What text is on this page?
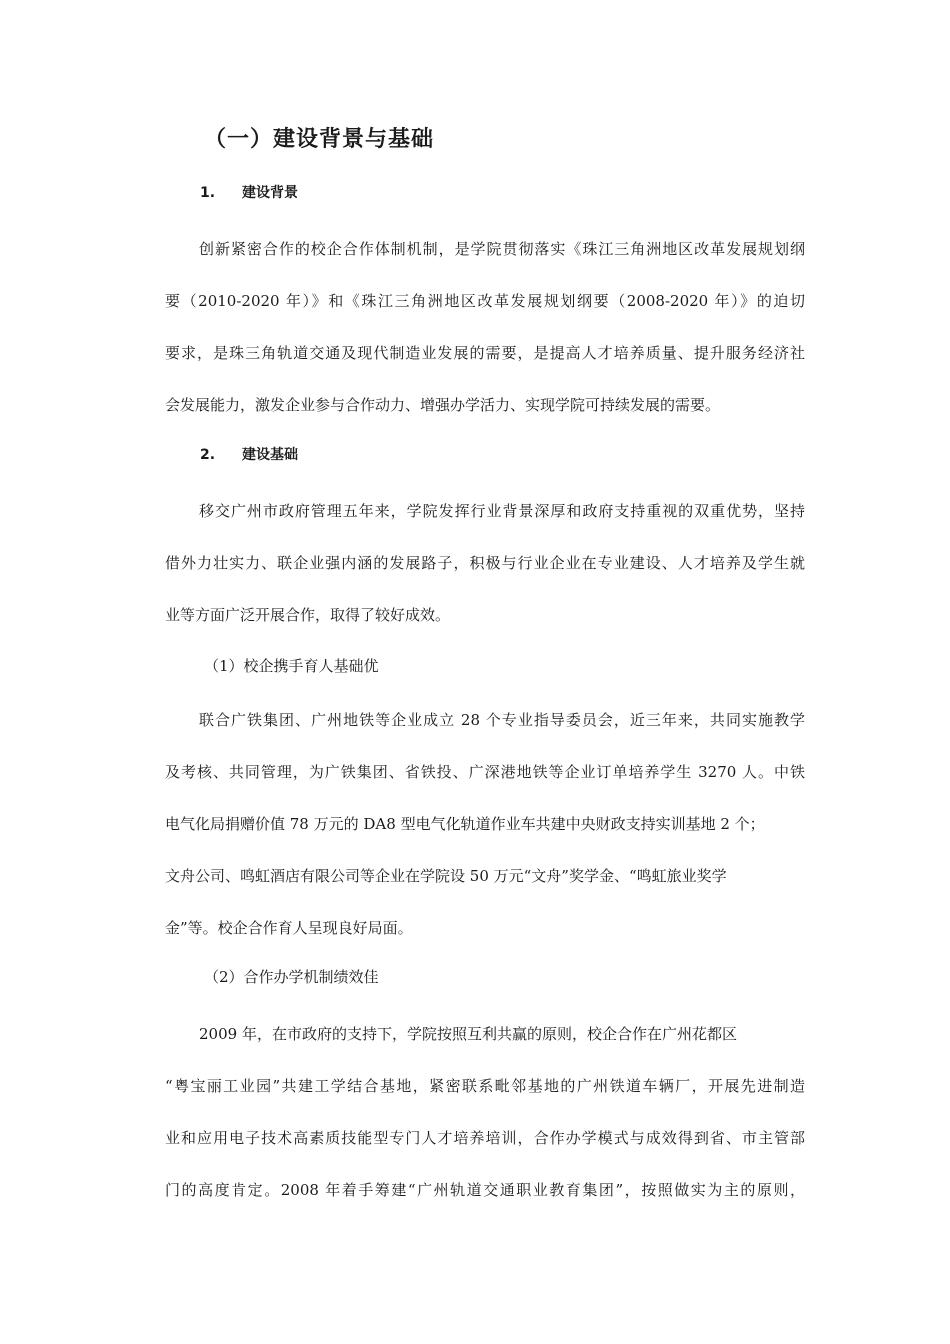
（一）建设背景与基础
1. 建设背景
创新紧密合作的校企合作体制机制，是学院贯彻落实《珠江三角洲地区改革发展规划纲
要（2010-2020 年）》和《珠江三角洲地区改革发展规划纲要（2008-2020 年）》的迫切
要求，是珠三角轨道交通及现代制造业发展的需要，是提高人才培养质量、提升服务经济社
会发展能力，激发企业参与合作动力、增强办学活力、实现学院可持续发展的需要。
2. 建设基础
移交广州市政府管理五年来，学院发挥行业背景深厚和政府支持重视的双重优势，坚持
借外力壮实力、联企业强内涵的发展路子，积极与行业企业在专业建设、人才培养及学生就
业等方面广泛开展合作，取得了较好成效。
（1）校企携手育人基础优
联合广铁集团、广州地铁等企业成立 28 个专业指导委员会，近三年来，共同实施教学
及考核、共同管理，为广铁集团、省铁投、广深港地铁等企业订单培养学生 3270 人。中铁
电气化局捐赠价值 78 万元的 DA8 型电气化轨道作业车共建中央财政支持实训基地 2 个；
文舟公司、鸣虹酒店有限公司等企业在学院设 50 万元“文舟”奖学金、“鸣虹旅业奖学
金”等。校企合作育人呈现良好局面。
（2）合作办学机制绩效佳
2009 年，在市政府的支持下，学院按照互利共赢的原则，校企合作在广州花都区
“粤宝丽工业园”共建工学结合基地，紧密联系毗邻基地的广州铁道车辆厂，开展先进制造
业和应用电子技术高素质技能型专门人才培养培训，合作办学模式与成效得到省、市主管部
门的高度肯定。2008 年着手筹建“广州轨道交通职业教育集团”，按照做实为主的原则，
